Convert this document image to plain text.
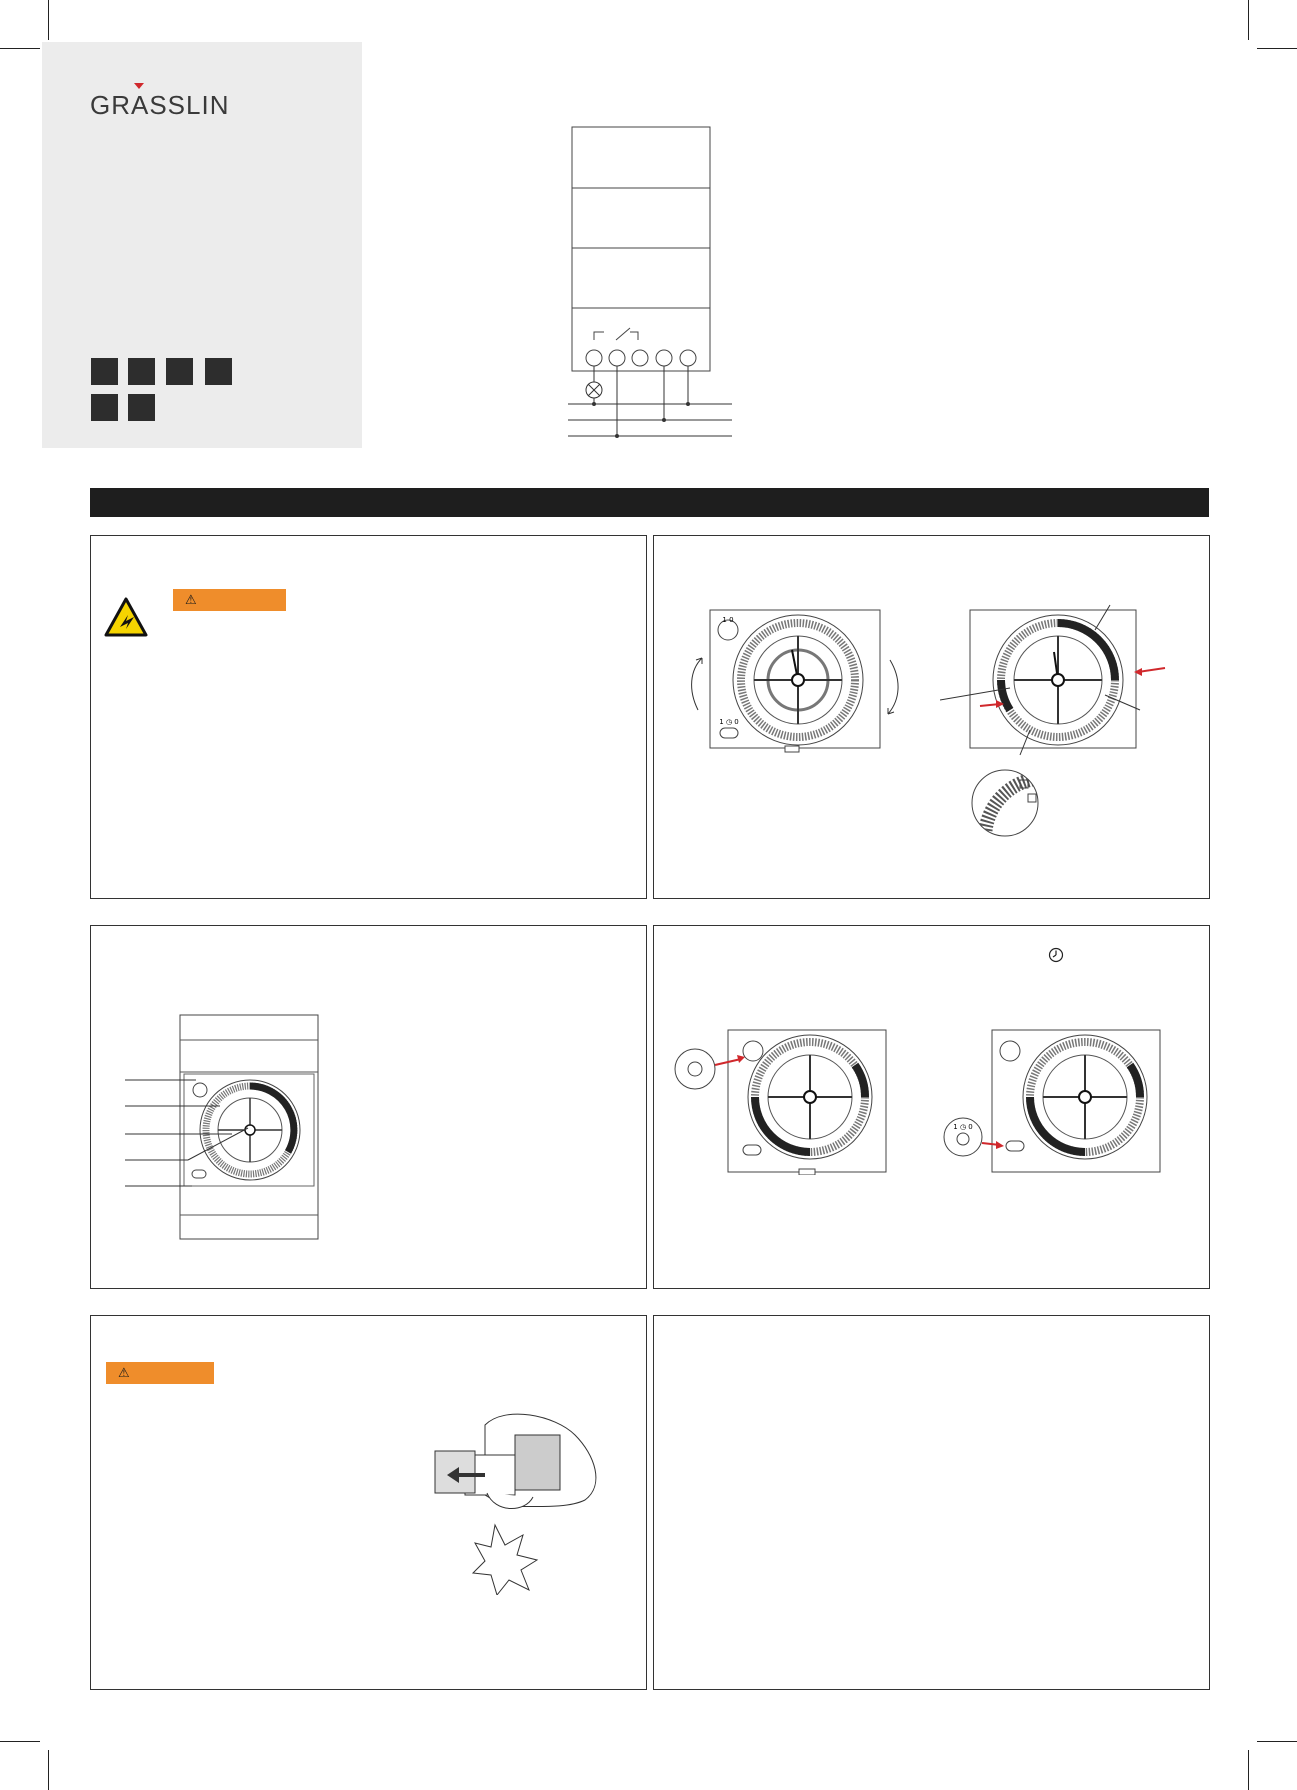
GRASSLIN
⚠
1 0
1 ◷ 0
1 ◷ 0
⚠
